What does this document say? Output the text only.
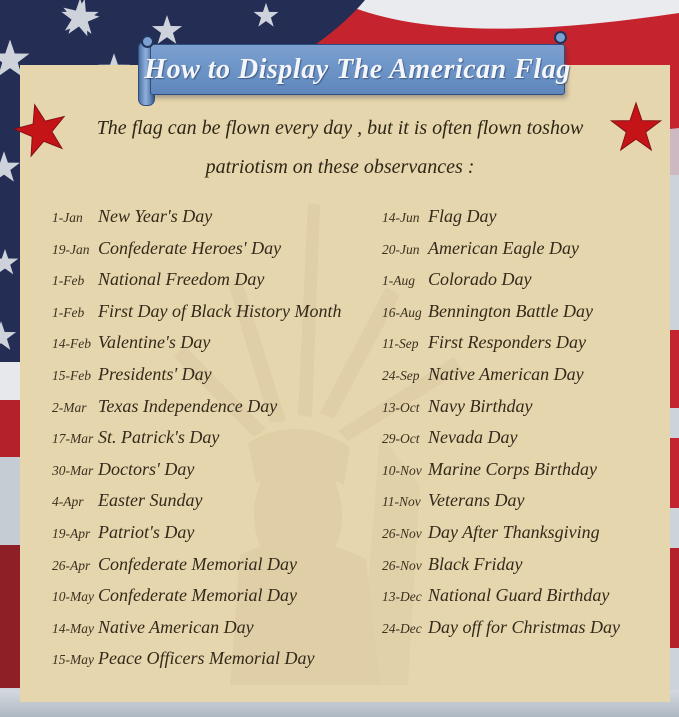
How to Display The American Flag

The flag can be flown every day , but it is often flown toshow

patriotism on these observances :

1-Jan New Year's Day
19-Jan Confederate Heroes' Day
1-Feb National Freedom Day
1-Feb First Day of Black History Month
14-Feb Valentine's Day
15-Feb Presidents' Day
2-Mar Texas Independence Day
17-Mar St. Patrick's Day
30-Mar Doctors' Day
4-Apr Easter Sunday
19-Apr Patriot's Day
26-Apr Confederate Memorial Day
10-May Confederate Memorial Day
14-May Native American Day
15-May Peace Officers Memorial Day
14-Jun Flag Day
20-Jun American Eagle Day
1-Aug Colorado Day
16-Aug Bennington Battle Day
11-Sep First Responders Day
24-Sep Native American Day
13-Oct Navy Birthday
29-Oct Nevada Day
10-Nov Marine Corps Birthday
11-Nov Veterans Day
26-Nov Day After Thanksgiving
26-Nov Black Friday
13-Dec National Guard Birthday
24-Dec Day off for Christmas Day
